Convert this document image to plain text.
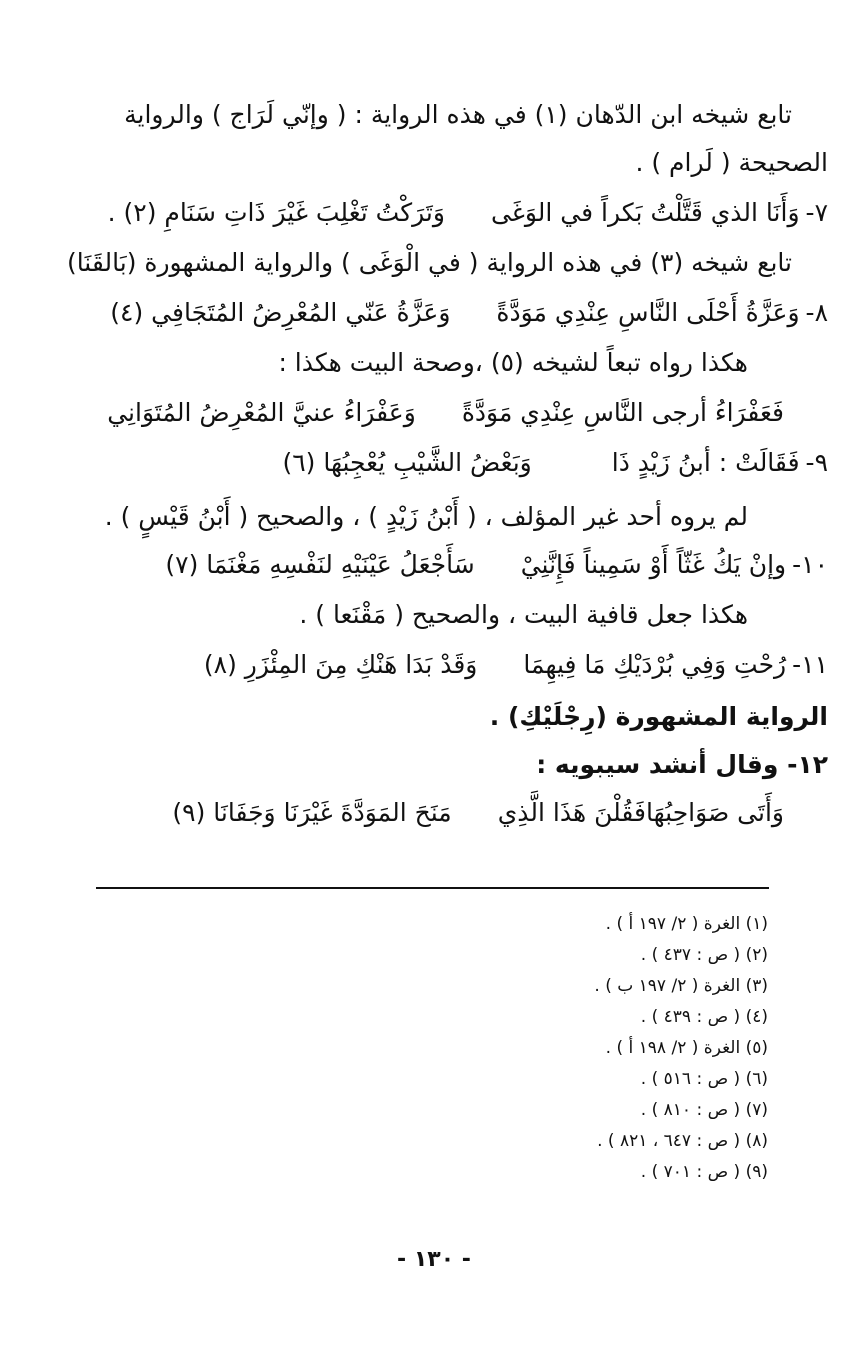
تابع شيخه ابن الدّهان (١) في هذه الرواية : ( وإنّي لَرَاج ) والرواية
الصحيحة ( لَرام ) .
٧-
وَأَنَا الذي قَتَّلْتُ بَكراً في الوَغَى
وَتَرَكْتُ تَغْلِبَ غَيْرَ ذَاتِ سَنَامِ (٢) .
تابع شيخه (٣) في هذه الرواية ( في الْوَغَى ) والرواية المشهورة (بَالقَنَا)
٨-
وَعَزَّةُ أَحْلَى النَّاسِ عِنْدِي مَوَدَّةً
وَعَزَّةُ عَنّي المُعْرِضُ المُتَجَافِي (٤)
هكذا رواه تبعاً لشيخه (٥) ،وصحة البيت هكذا :
فَعَفْرَاءُ أرجى النَّاسِ عِنْدِي مَوَدَّةً
وَعَفْرَاءُ عنيَّ المُعْرِضُ المُتَوَانِي
٩-
فَقَالَتْ : أبنُ زَيْدٍ ذَا
وَبَعْضُ الشَّيْبِ يُعْجِبُهَا (٦)
لم يروه أحد غير المؤلف ، ( أَبْنُ زَيْدٍ ) ، والصحيح ( أَبْنُ قَيْسٍ ) .
١٠-
وإنْ يَكُ غَثّاً أَوْ سَمِيناً فَإِنَّنِيْ
سَأَجْعَلُ عَيْنَيْهِ لنَفْسِهِ مَغْنَمَا (٧)
هكذا جعل قافية البيت ، والصحيح ( مَقْنَعا ) .
١١-
رُحْتِ وَفِي بُرْدَيْكِ مَا فِيهِمَا
وَقَدْ بَدَا هَنْكِ مِنَ المِئْزَرِ (٨)
الرواية المشهورة (رِجْلَيْكِ) .
١٢- وقال أنشد سيبويه :
وَأَتَى صَوَاحِبُهَافَقُلْنَ هَذَا الَّذِي
مَنَحَ المَوَدَّةَ غَيْرَنَا وَجَفَانَا (٩)
(١) الغرة ( ٢/ ١٩٧ أ ) .
(٢) ( ص : ٤٣٧ ) .
(٣) الغرة ( ٢/ ١٩٧ ب ) .
(٤) ( ص : ٤٣٩ ) .
(٥) الغرة ( ٢/ ١٩٨ أ ) .
(٦) ( ص : ٥١٦ ) .
(٧) ( ص : ٨١٠ ) .
(٨) ( ص : ٦٤٧ ، ٨٢١ ) .
(٩) ( ص : ٧٠١ ) .
- ١٣٠ -
